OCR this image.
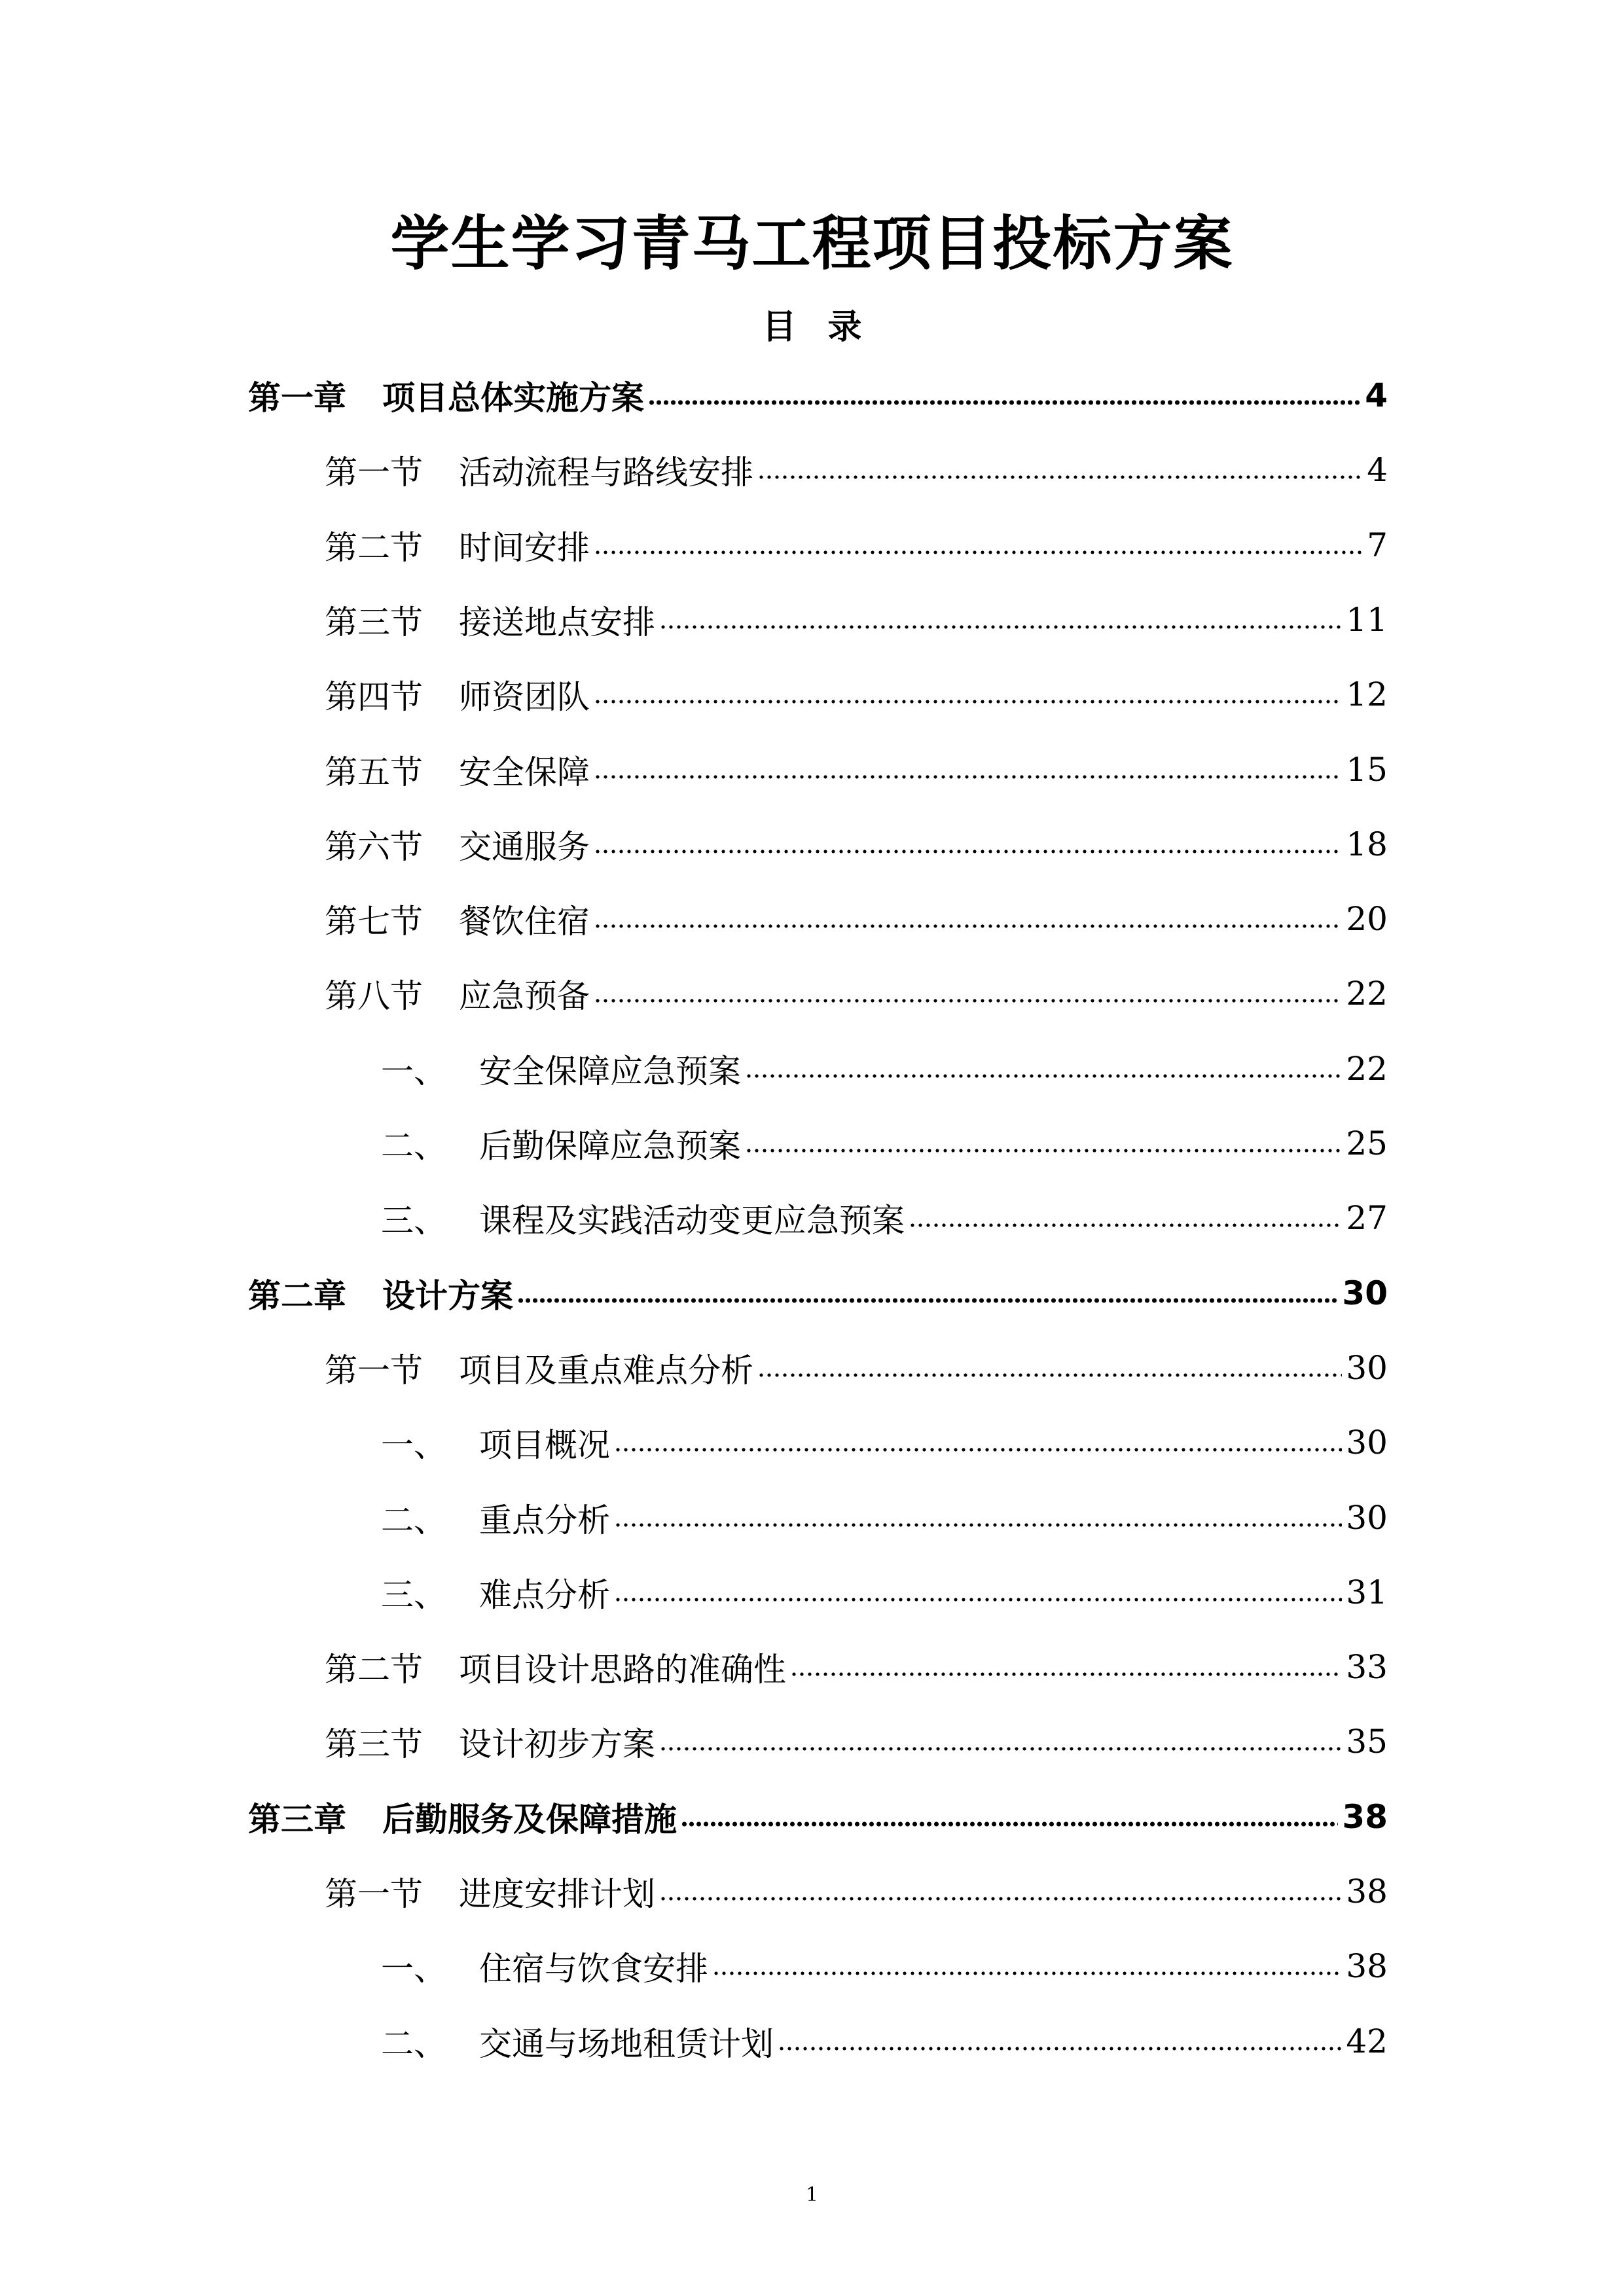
学生学习青马工程项目投标方案
目 录
第一章	项目总体实施方案	4
第一节	活动流程与路线安排	4
第二节	时间安排	7
第三节	接送地点安排	11
第四节	师资团队	12
第五节	安全保障	15
第六节	交通服务	18
第七节	餐饮住宿	20
第八节	应急预备	22
一、	安全保障应急预案	22
二、	后勤保障应急预案	25
三、	课程及实践活动变更应急预案	27
第二章	设计方案	30
第一节	项目及重点难点分析	30
一、	项目概况	30
二、	重点分析	30
三、	难点分析	31
第二节	项目设计思路的准确性	33
第三节	设计初步方案	35
第三章	后勤服务及保障措施	38
第一节	进度安排计划	38
一、	住宿与饮食安排	38
二、	交通与场地租赁计划	42
1
